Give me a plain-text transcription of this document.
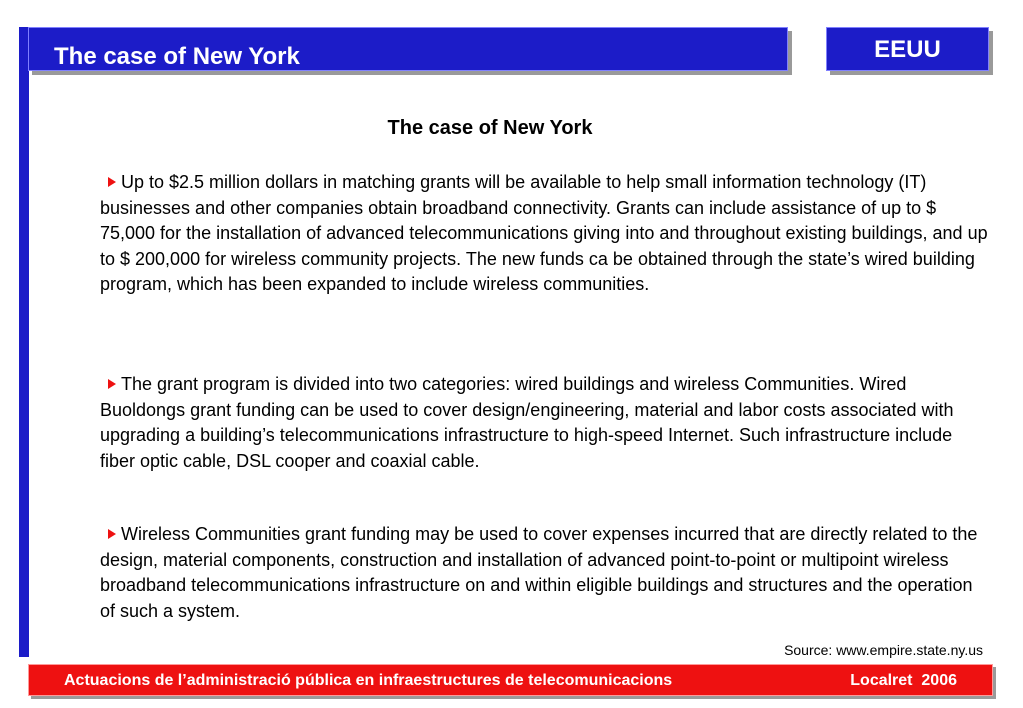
The case of New York	EEUU
The case of New York
Up to $2.5 million dollars in matching grants will be available to help small information technology (IT) businesses and other companies obtain broadband connectivity. Grants can include assistance of up to $ 75,000 for the installation of advanced telecommunications giving into and throughout existing buildings, and up to $ 200,000 for wireless community projects. The new funds ca be obtained through the state’s wired building program, which has been expanded to include wireless communities.
The grant program is divided into two categories: wired buildings and wireless Communities. Wired Buoldongs grant funding can be used to cover design/engineering, material and labor costs associated with upgrading a building’s telecommunications infrastructure to high-speed Internet. Such infrastructure include fiber optic cable, DSL cooper and coaxial cable.
Wireless Communities grant funding may be used to cover expenses incurred that are directly related to the design, material components, construction and installation of advanced point-to-point or multipoint wireless broadband telecommunications infrastructure on and within eligible buildings and structures and the operation of such a system.
Source: www.empire.state.ny.us
Actuacions de l’administració pública en infraestructures de telecomunicacions	Localret  2006
